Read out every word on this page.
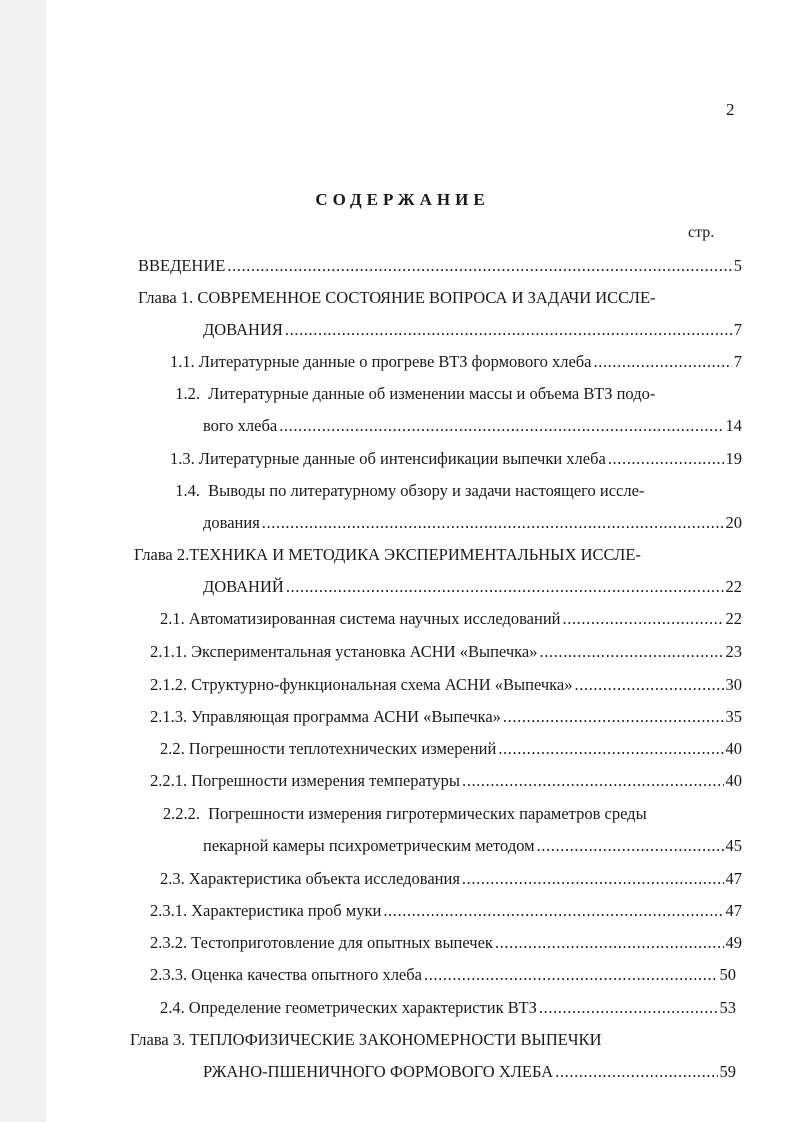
2
СОДЕРЖАНИЕ
стр.
ВВЕДЕНИЕ .....	5
Глава 1. СОВРЕМЕННОЕ СОСТОЯНИЕ ВОПРОСА И ЗАДАЧИ ИССЛЕ-
ДОВАНИЯ .....	7
1.1. Литературные данные о прогреве ВТЗ формового хлеба .....	7
1.2. Литературные данные об изменении массы и объема ВТЗ подо-
вого хлеба .....	14
1.3. Литературные данные об интенсификации выпечки хлеба .....	19
1.4. Выводы по литературному обзору и задачи настоящего иссле-
дования .....	20
Глава 2.ТЕХНИКА И МЕТОДИКА ЭКСПЕРИМЕНТАЛЬНЫХ ИССЛЕ-
ДОВАНИЙ .....	22
2.1. Автоматизированная система научных исследований .....	22
2.1.1. Экспериментальная установка АСНИ «Выпечка» .....	23
2.1.2. Структурно-функциональная схема АСНИ «Выпечка» .....	30
2.1.3. Управляющая программа АСНИ «Выпечка» .....	35
2.2. Погрешности теплотехнических измерений .....	40
2.2.1. Погрешности измерения температуры .....	40
2.2.2. Погрешности измерения гигротермических параметров среды
пекарной камеры психрометрическим методом .....	45
2.3. Характеристика объекта исследования .....	47
2.3.1. Характеристика проб муки .....	47
2.3.2. Тестоприготовление для опытных выпечек .....	49
2.3.3. Оценка качества опытного хлеба .....	50
2.4. Определение геометрических характеристик ВТЗ .....	53
Глава 3. ТЕПЛОФИЗИЧЕСКИЕ ЗАКОНОМЕРНОСТИ ВЫПЕЧКИ
РЖАНО-ПШЕНИЧНОГО ФОРМОВОГО ХЛЕБА .....	59
